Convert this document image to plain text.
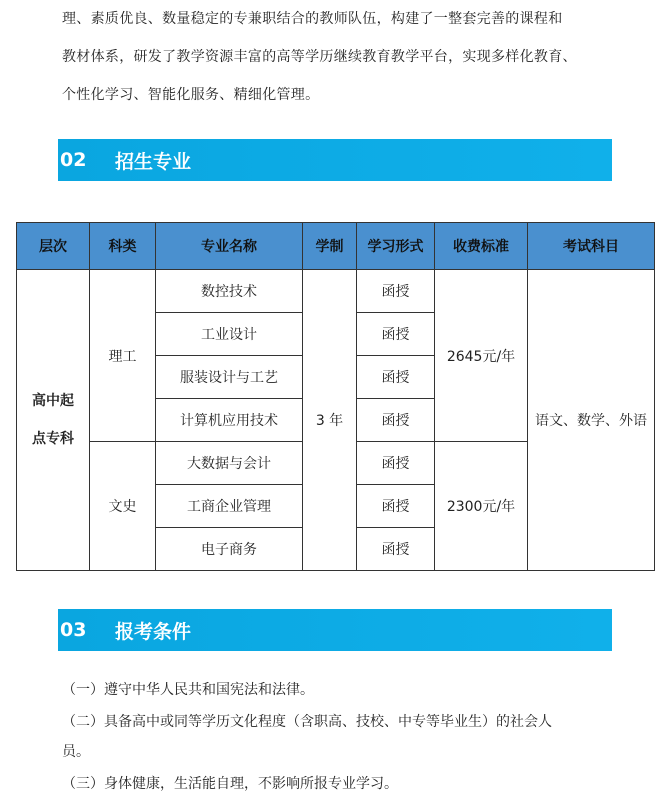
理、素质优良、数量稳定的专兼职结合的教师队伍，构建了一整套完善的课程和

教材体系，研发了教学资源丰富的高等学历继续教育教学平台，实现多样化教育、

个性化学习、智能化服务、精细化管理。

02	招生专业
层次	科类	专业名称	学制	学习形式	收费标准	考试科目

高中起
点专科	理工	数控技术	3 年	函授	2645元/年	语文、数学、外语
		工业设计		函授		
		服装设计与工艺		函授		
		计算机应用技术		函授		
	文史	大数据与会计		函授	2300元/年	
		工商企业管理		函授		
		电子商务		函授		
03	报考条件

（一）遵守中华人民共和国宪法和法律。

（二）具备高中或同等学历文化程度（含职高、技校、中专等毕业生）的社会人

员。

（三）身体健康，生活能自理，不影响所报专业学习。
